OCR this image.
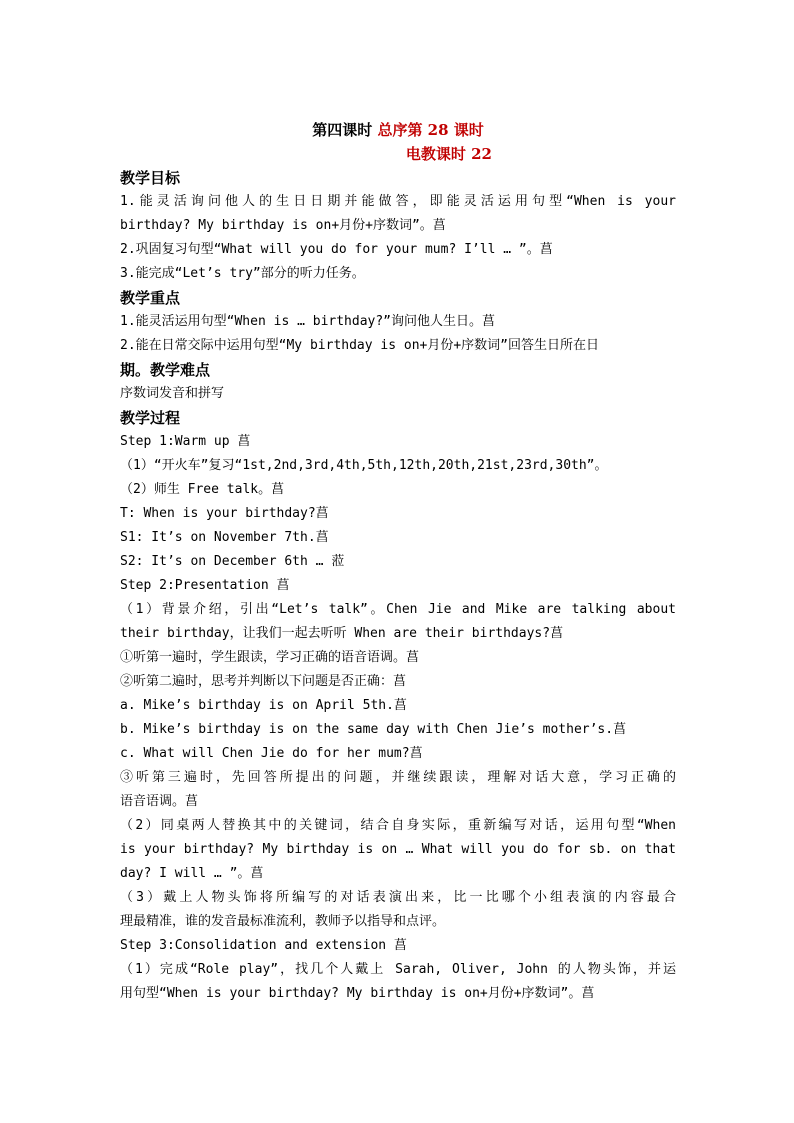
第四课时 总序第 28 课时
电教课时 22
教学目标
1.能灵活询问他人的生日日期并能做答，即能灵活运用句型“When is your
birthday? My birthday is on+月份+序数词”。菖
2.巩固复习句型“What will you do for your mum? I’ll … ”。菖
3.能完成“Let’s try”部分的听力任务。
教学重点
1.能灵活运用句型“When is … birthday?”询问他人生日。菖
2.能在日常交际中运用句型“My birthday is on+月份+序数词”回答生日所在日
期。教学难点
序数词发音和拼写
教学过程
Step 1:Warm up 菖
（1）“开火车”复习“1st,2nd,3rd,4th,5th,12th,20th,21st,23rd,30th”。
（2）师生 Free talk。菖
T: When is your birthday?菖
S1: It’s on November 7th.菖
S2: It’s on December 6th … 蒞
Step 2:Presentation 菖
（1）背景介绍，引出“Let’s talk”。Chen Jie and Mike are talking about
their birthday，让我们一起去听听 When are their birthdays?菖
①听第一遍时，学生跟读，学习正确的语音语调。菖
②听第二遍时，思考并判断以下问题是否正确：菖
a. Mike’s birthday is on April 5th.菖
b. Mike’s birthday is on the same day with Chen Jie’s mother’s.菖
c. What will Chen Jie do for her mum?菖
③听第三遍时，先回答所提出的问题，并继续跟读，理解对话大意，学习正确的
语音语调。菖
（2）同桌两人替换其中的关键词，结合自身实际，重新编写对话，运用句型“When
is your birthday? My birthday is on … What will you do for sb. on that
day? I will … ”。菖
（3）戴上人物头饰将所编写的对话表演出来，比一比哪个小组表演的内容最合
理最精准，谁的发音最标准流利，教师予以指导和点评。
Step 3:Consolidation and extension 菖
（1）完成“Role play”，找几个人戴上 Sarah, Oliver, John 的人物头饰，并运
用句型“When is your birthday? My birthday is on+月份+序数词”。菖
